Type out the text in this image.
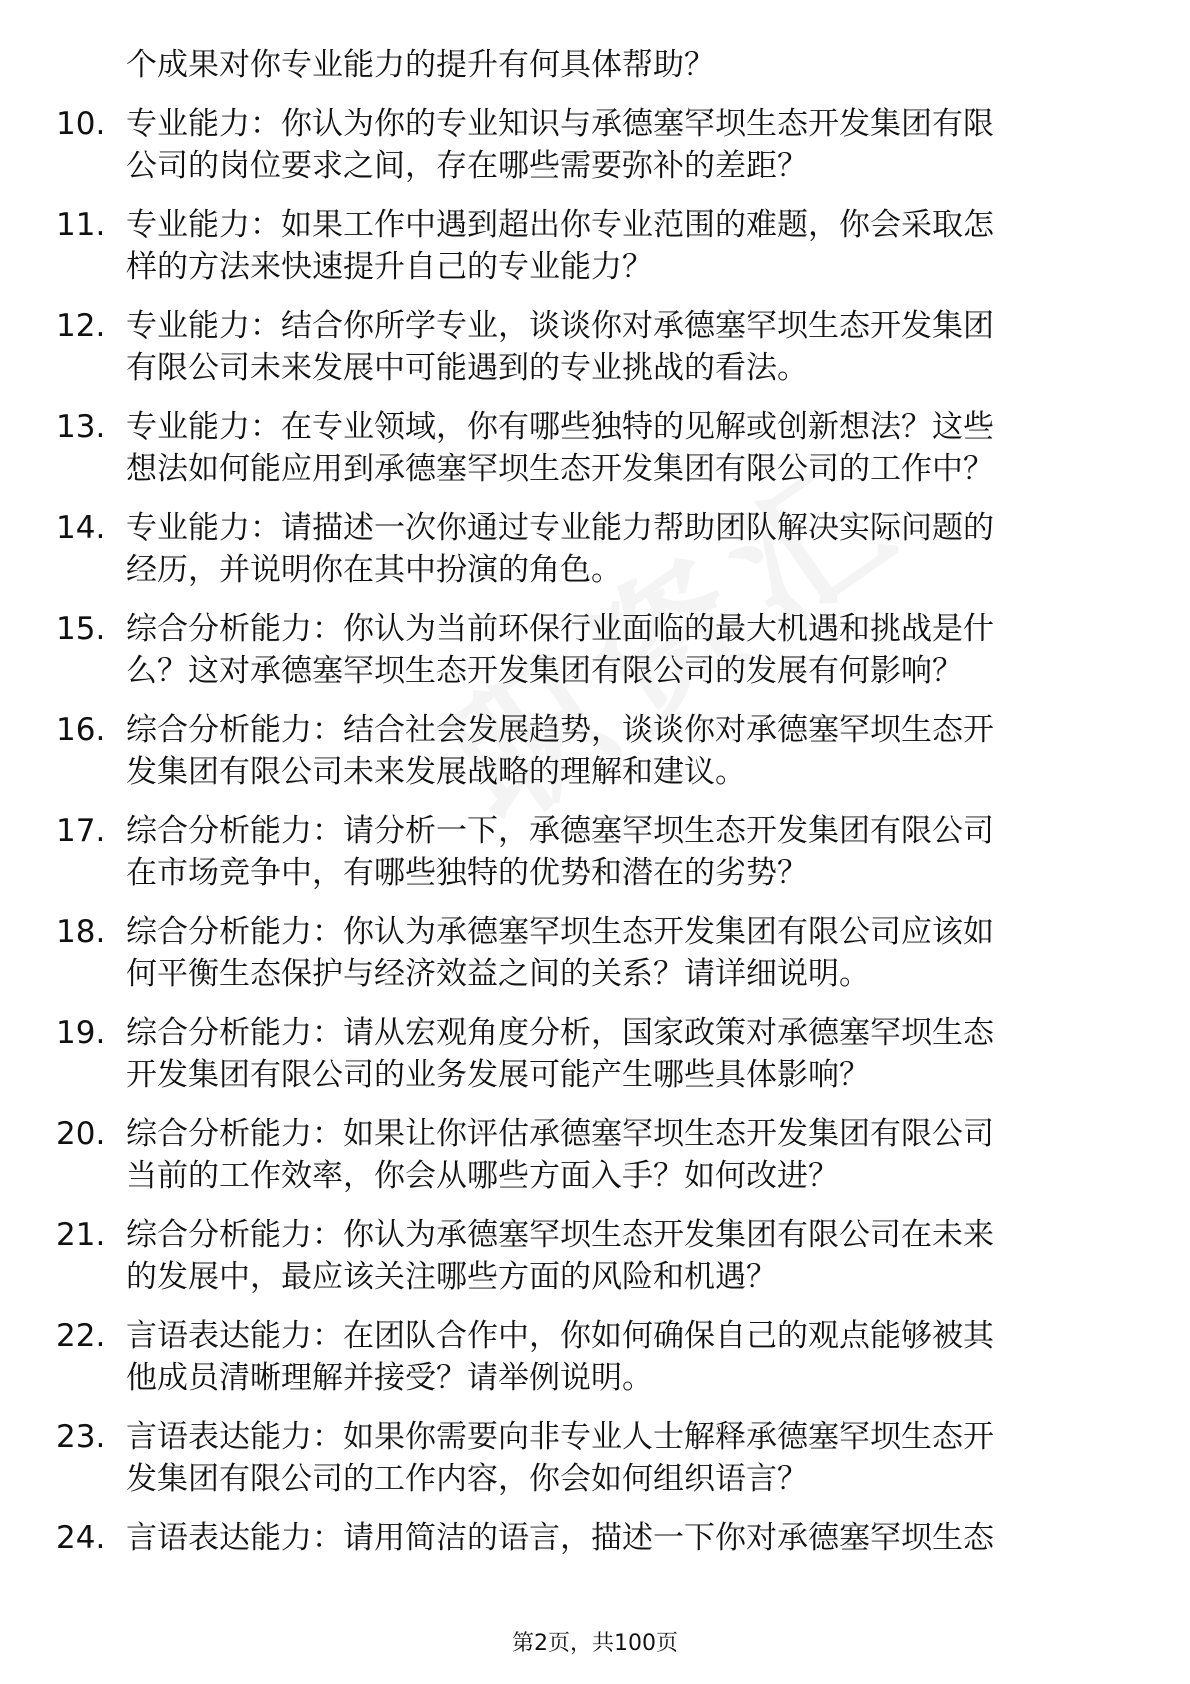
个成果对你专业能力的提升有何具体帮助？
10. 专业能力：你认为你的专业知识与承德塞罕坝生态开发集团有限
公司的岗位要求之间，存在哪些需要弥补的差距？
11. 专业能力：如果工作中遇到超出你专业范围的难题，你会采取怎
样的方法来快速提升自己的专业能力？
12. 专业能力：结合你所学专业，谈谈你对承德塞罕坝生态开发集团
有限公司未来发展中可能遇到的专业挑战的看法。
13. 专业能力：在专业领域，你有哪些独特的见解或创新想法？这些
想法如何能应用到承德塞罕坝生态开发集团有限公司的工作中？
14. 专业能力：请描述一次你通过专业能力帮助团队解决实际问题的
经历，并说明你在其中扮演的角色。
15. 综合分析能力：你认为当前环保行业面临的最大机遇和挑战是什
么？这对承德塞罕坝生态开发集团有限公司的发展有何影响？
16. 综合分析能力：结合社会发展趋势，谈谈你对承德塞罕坝生态开
发集团有限公司未来发展战略的理解和建议。
17. 综合分析能力：请分析一下，承德塞罕坝生态开发集团有限公司
在市场竞争中，有哪些独特的优势和潜在的劣势？
18. 综合分析能力：你认为承德塞罕坝生态开发集团有限公司应该如
何平衡生态保护与经济效益之间的关系？请详细说明。
19. 综合分析能力：请从宏观角度分析，国家政策对承德塞罕坝生态
开发集团有限公司的业务发展可能产生哪些具体影响？
20. 综合分析能力：如果让你评估承德塞罕坝生态开发集团有限公司
当前的工作效率，你会从哪些方面入手？如何改进？
21. 综合分析能力：你认为承德塞罕坝生态开发集团有限公司在未来
的发展中，最应该关注哪些方面的风险和机遇？
22. 言语表达能力：在团队合作中，你如何确保自己的观点能够被其
他成员清晰理解并接受？请举例说明。
23. 言语表达能力：如果你需要向非专业人士解释承德塞罕坝生态开
发集团有限公司的工作内容，你会如何组织语言？
24. 言语表达能力：请用简洁的语言，描述一下你对承德塞罕坝生态
第2页，共100页
